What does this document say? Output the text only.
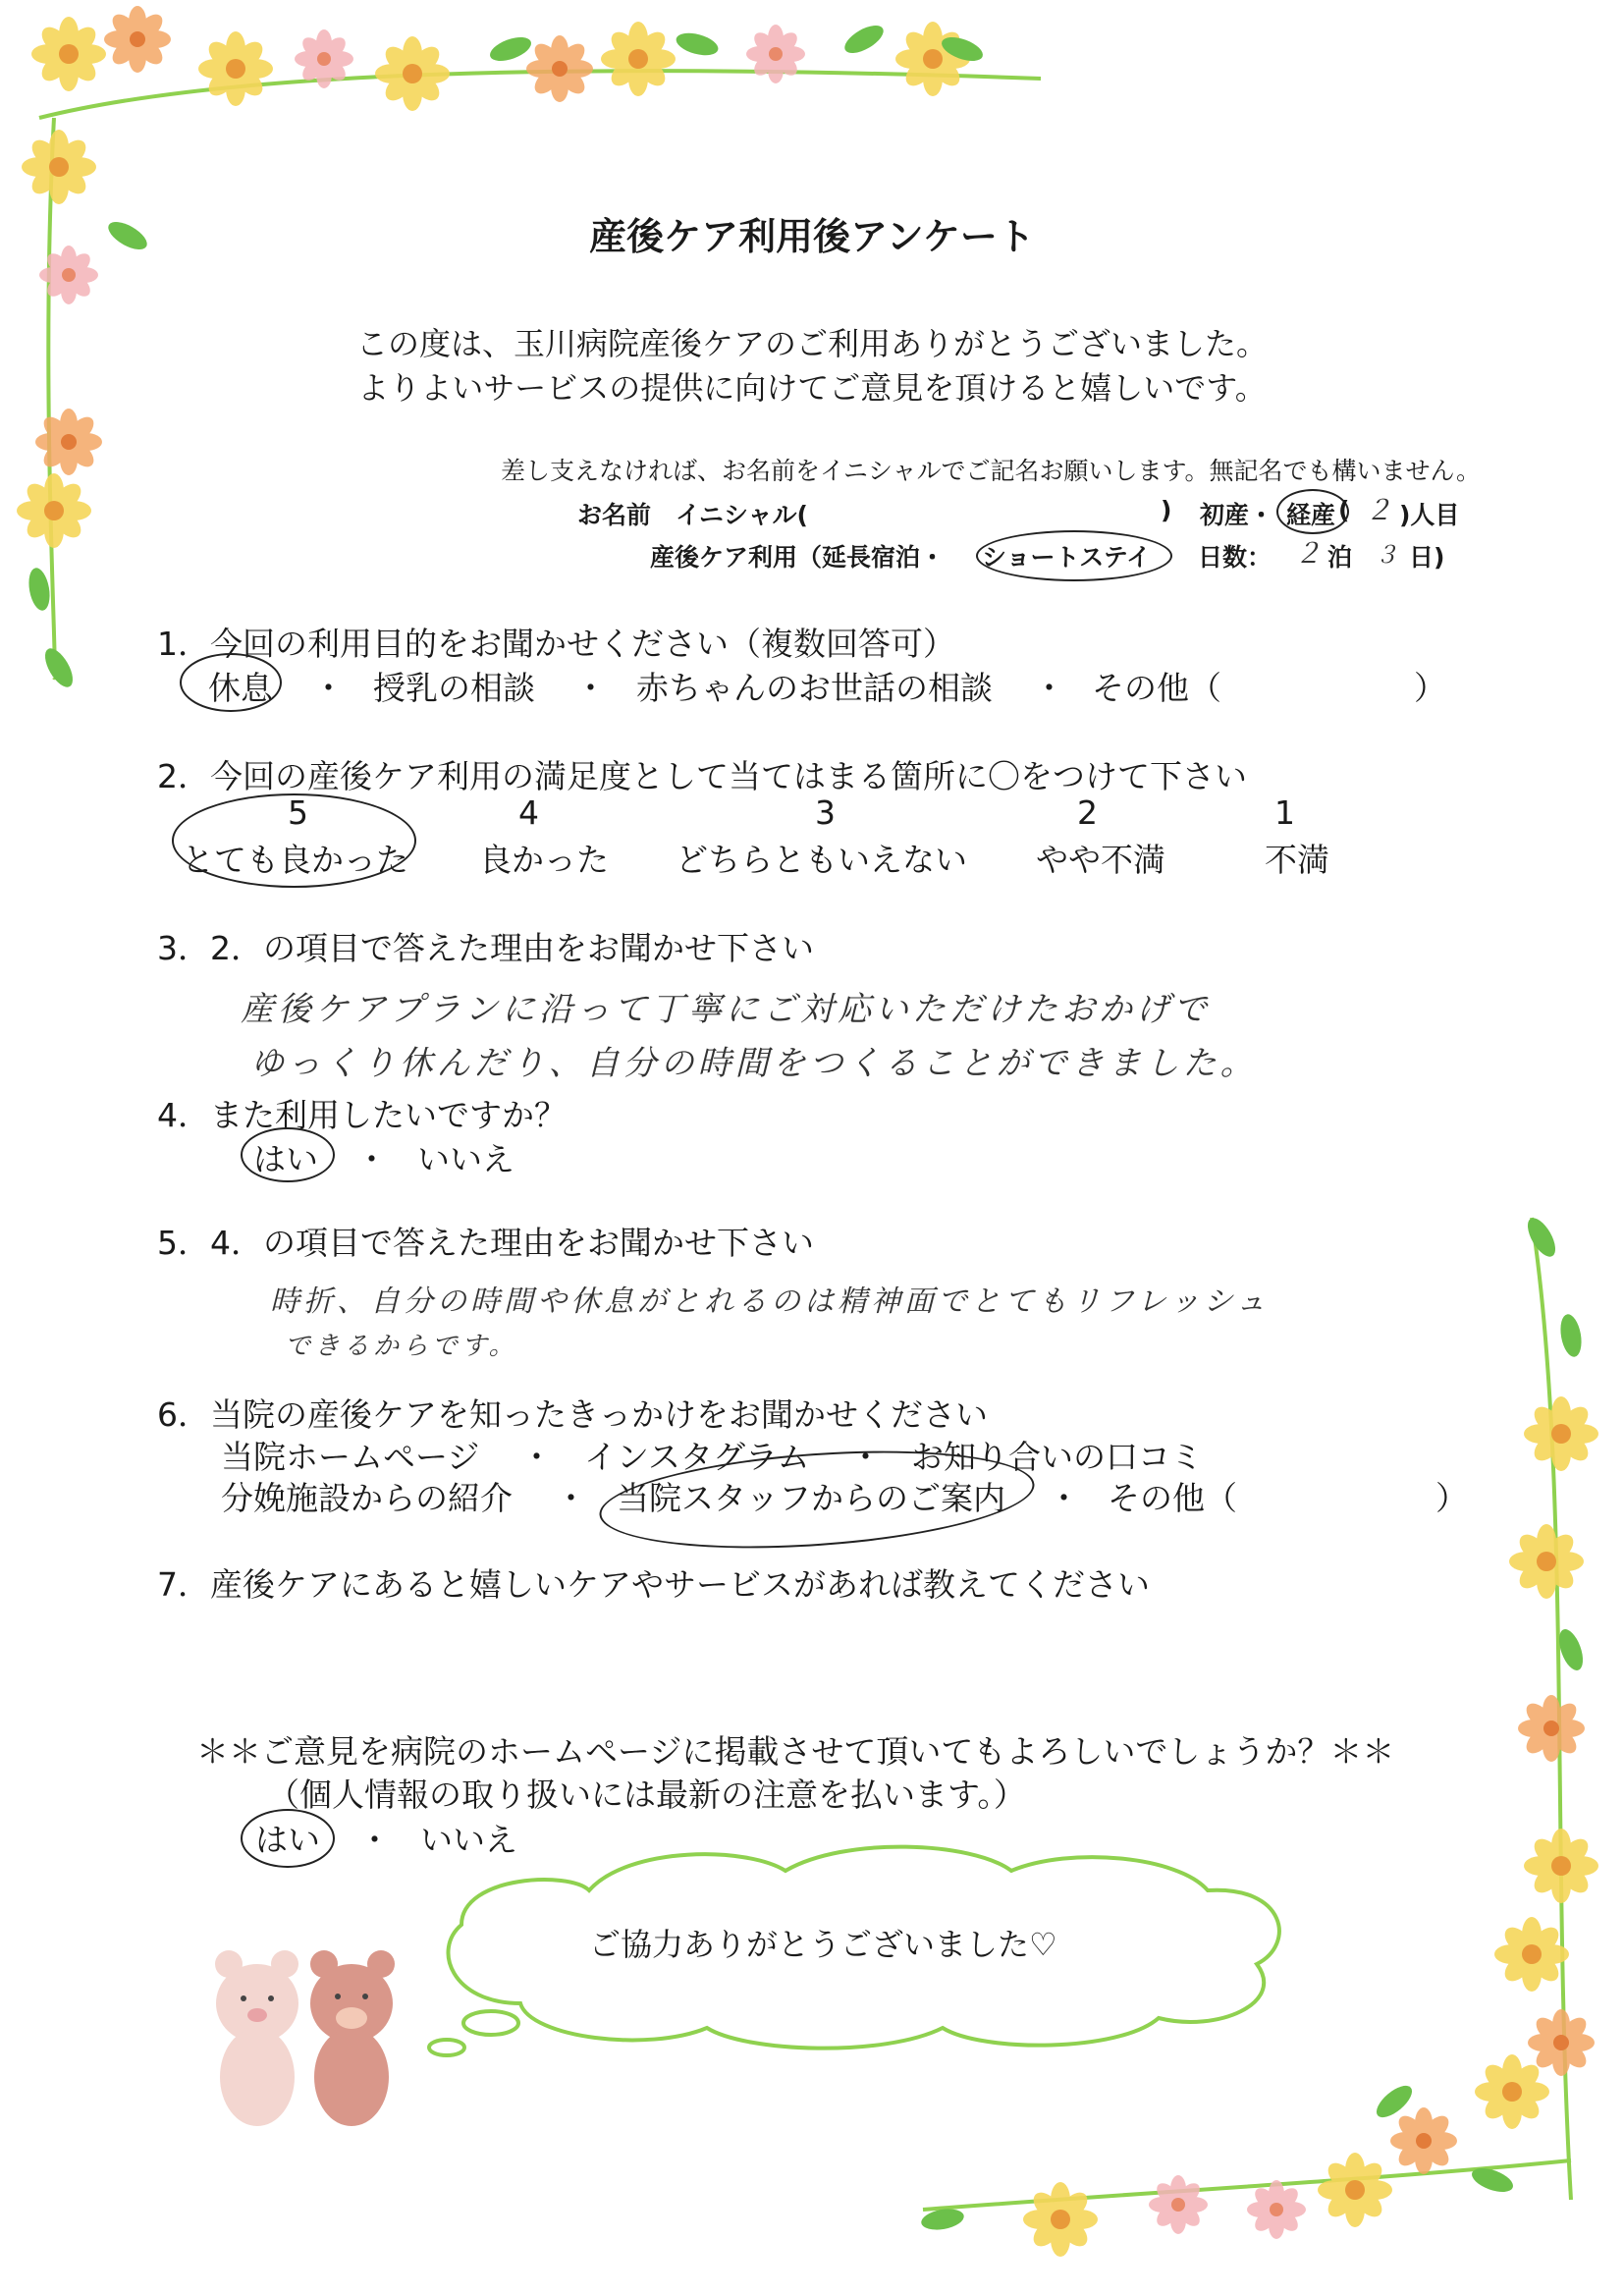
産後ケア利用後アンケート
この度は、玉川病院産後ケアのご利用ありがとうございました。
よりよいサービスの提供に向けてご意見を頂けると嬉しいです。
差し支えなければ、お名前をイニシャルでご記名お願いします。無記名でも構いません。
お名前　イニシャル(	) 初産・ 経産 ( ２ )人目
産後ケア利用（延長宿泊・ ショートステイ 日数： ２ 泊 ３ 日)
1．今回の利用目的をお聞かせください（複数回答可）
休息 ・ 授乳の相談 ・ 赤ちゃんのお世話の相談 ・ その他（	）
2．今回の産後ケア利用の満足度として当てはまる箇所に〇をつけて下さい
5
とても良かった
4
良かった
3
どちらともいえない
2
やや不満
1
不満
3．2．の項目で答えた理由をお聞かせ下さい
産後ケアプランに沿って丁寧にご対応いただけたおかげで
ゆっくり休んだり、自分の時間をつくることができました。
4．また利用したいですか？
はい ・ いいえ
5．4．の項目で答えた理由をお聞かせ下さい
時折、自分の時間や休息がとれるのは精神面でとてもリフレッシュ
できるからです。
6．当院の産後ケアを知ったきっかけをお聞かせください
当院ホームページ ・ インスタグラム ・ お知り合いの口コミ
分娩施設からの紹介 ・ 当院スタッフからのご案内 ・ その他（	）
7．産後ケアにあると嬉しいケアやサービスがあれば教えてください
＊＊ご意見を病院のホームページに掲載させて頂いてもよろしいでしょうか？＊＊
（個人情報の取り扱いには最新の注意を払います。）
はい ・ いいえ
ご協力ありがとうございました♡
